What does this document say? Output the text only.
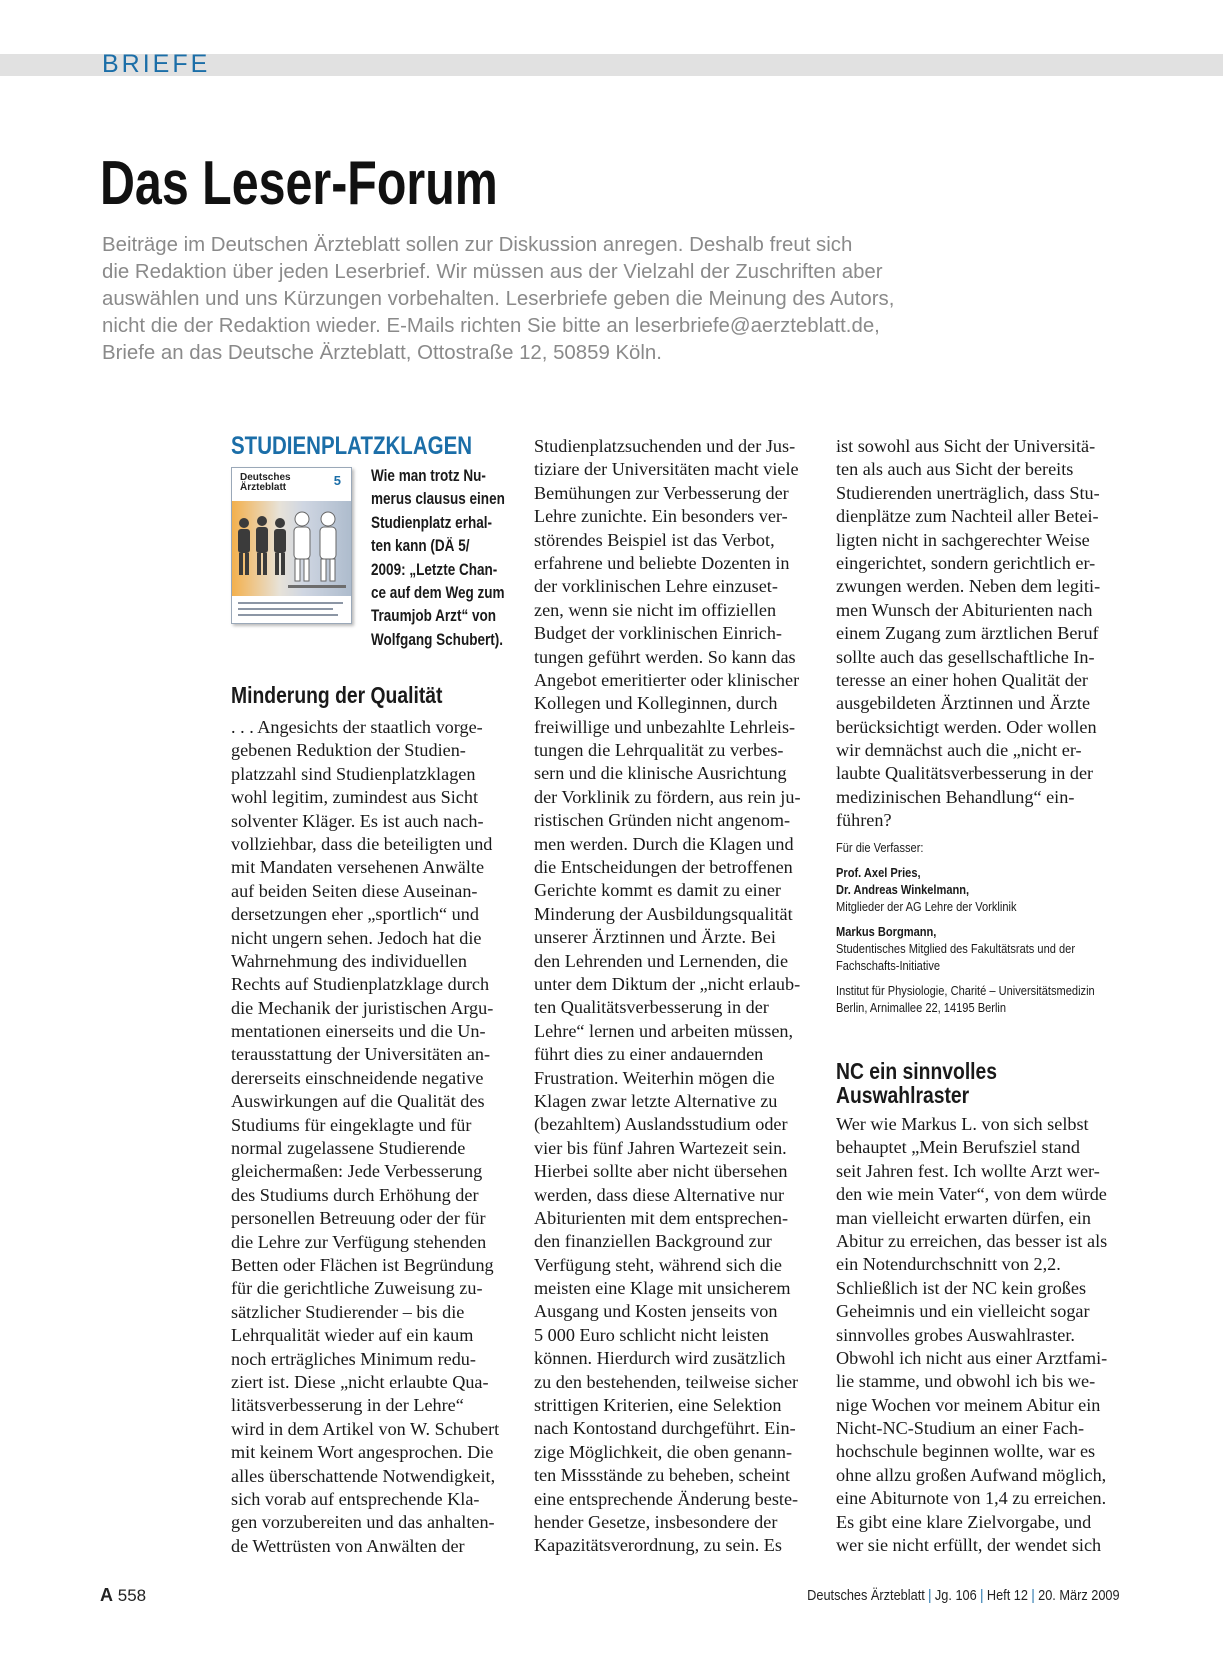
BRIEFE
Das Leser-Forum
Beiträge im Deutschen Ärzteblatt sollen zur Diskussion anregen. Deshalb freut sich
die Redaktion über jeden Leserbrief. Wir müssen aus der Vielzahl der Zuschriften aber
auswählen und uns Kürzungen vorbehalten. Leserbriefe geben die Meinung des Autors,
nicht die der Redaktion wieder. E-Mails richten Sie bitte an leserbriefe@aerzteblatt.de,
Briefe an das Deutsche Ärzteblatt, Ottostraße 12, 50859 Köln.
STUDIENPLATZKLAGEN
Deutsches
Ärzteblatt	5 Wie man trotz Nu-
merus clausus einen
Studienplatz erhal-
ten kann (DÄ 5/
2009: „Letzte Chan-
ce auf dem Weg zum
Traumjob Arzt“ von
Wolfgang Schubert).
Minderung der Qualität
. . . Angesichts der staatlich vorge-
gebenen Reduktion der Studien-
platzzahl sind Studienplatzklagen
wohl legitim, zumindest aus Sicht
solventer Kläger. Es ist auch nach-
vollziehbar, dass die beteiligten und
mit Mandaten versehenen Anwälte
auf beiden Seiten diese Auseinan-
dersetzungen eher „sportlich“ und
nicht ungern sehen. Jedoch hat die
Wahrnehmung des individuellen
Rechts auf Studienplatzklage durch
die Mechanik der juristischen Argu-
mentationen einerseits und die Un-
terausstattung der Universitäten an-
dererseits einschneidende negative
Auswirkungen auf die Qualität des
Studiums für eingeklagte und für
normal zugelassene Studierende
gleichermaßen: Jede Verbesserung
des Studiums durch Erhöhung der
personellen Betreuung oder der für
die Lehre zur Verfügung stehenden
Betten oder Flächen ist Begründung
für die gerichtliche Zuweisung zu-
sätzlicher Studierender – bis die
Lehrqualität wieder auf ein kaum
noch erträgliches Minimum redu-
ziert ist. Diese „nicht erlaubte Qua-
litätsverbesserung in der Lehre“
wird in dem Artikel von W. Schubert
mit keinem Wort angesprochen. Die
alles überschattende Notwendigkeit,
sich vorab auf entsprechende Kla-
gen vorzubereiten und das anhalten-
de Wettrüsten von Anwälten der
Studienplatzsuchenden und der Jus-
tiziare der Universitäten macht viele
Bemühungen zur Verbesserung der
Lehre zunichte. Ein besonders ver-
störendes Beispiel ist das Verbot,
erfahrene und beliebte Dozenten in
der vorklinischen Lehre einzuset-
zen, wenn sie nicht im offiziellen
Budget der vorklinischen Einrich-
tungen geführt werden. So kann das
Angebot emeritierter oder klinischer
Kollegen und Kolleginnen, durch
freiwillige und unbezahlte Lehrleis-
tungen die Lehrqualität zu verbes-
sern und die klinische Ausrichtung
der Vorklinik zu fördern, aus rein ju-
ristischen Gründen nicht angenom-
men werden. Durch die Klagen und
die Entscheidungen der betroffenen
Gerichte kommt es damit zu einer
Minderung der Ausbildungsqualität
unserer Ärztinnen und Ärzte. Bei
den Lehrenden und Lernenden, die
unter dem Diktum der „nicht erlaub-
ten Qualitätsverbesserung in der
Lehre“ lernen und arbeiten müssen,
führt dies zu einer andauernden
Frustration. Weiterhin mögen die
Klagen zwar letzte Alternative zu
(bezahltem) Auslandsstudium oder
vier bis fünf Jahren Wartezeit sein.
Hierbei sollte aber nicht übersehen
werden, dass diese Alternative nur
Abiturienten mit dem entsprechen-
den finanziellen Background zur
Verfügung steht, während sich die
meisten eine Klage mit unsicherem
Ausgang und Kosten jenseits von
5 000 Euro schlicht nicht leisten
können. Hierdurch wird zusätzlich
zu den bestehenden, teilweise sicher
strittigen Kriterien, eine Selektion
nach Kontostand durchgeführt. Ein-
zige Möglichkeit, die oben genann-
ten Missstände zu beheben, scheint
eine entsprechende Änderung beste-
hender Gesetze, insbesondere der
Kapazitätsverordnung, zu sein. Es
ist sowohl aus Sicht der Universitä-
ten als auch aus Sicht der bereits
Studierenden unerträglich, dass Stu-
dienplätze zum Nachteil aller Betei-
ligten nicht in sachgerechter Weise
eingerichtet, sondern gerichtlich er-
zwungen werden. Neben dem legiti-
men Wunsch der Abiturienten nach
einem Zugang zum ärztlichen Beruf
sollte auch das gesellschaftliche In-
teresse an einer hohen Qualität der
ausgebildeten Ärztinnen und Ärzte
berücksichtigt werden. Oder wollen
wir demnächst auch die „nicht er-
laubte Qualitätsverbesserung in der
medizinischen Behandlung“ ein-
führen?
Für die Verfasser:
Prof. Axel Pries,
Dr. Andreas Winkelmann,
Mitglieder der AG Lehre der Vorklinik
Markus Borgmann,
Studentisches Mitglied des Fakultätsrats und der
Fachschafts-Initiative
Institut für Physiologie, Charité – Universitätsmedizin
Berlin, Arnimallee 22, 14195 Berlin
NC ein sinnvolles
Auswahlraster
Wer wie Markus L. von sich selbst
behauptet „Mein Berufsziel stand
seit Jahren fest. Ich wollte Arzt wer-
den wie mein Vater“, von dem würde
man vielleicht erwarten dürfen, ein
Abitur zu erreichen, das besser ist als
ein Notendurchschnitt von 2,2.
Schließlich ist der NC kein großes
Geheimnis und ein vielleicht sogar
sinnvolles grobes Auswahlraster.
Obwohl ich nicht aus einer Arztfami-
lie stamme, und obwohl ich bis we-
nige Wochen vor meinem Abitur ein
Nicht-NC-Studium an einer Fach-
hochschule beginnen wollte, war es
ohne allzu großen Aufwand möglich,
eine Abiturnote von 1,4 zu erreichen.
Es gibt eine klare Zielvorgabe, und
wer sie nicht erfüllt, der wendet sich
A 558	Deutsches Ärzteblatt | Jg. 106 | Heft 12 | 20. März 2009
